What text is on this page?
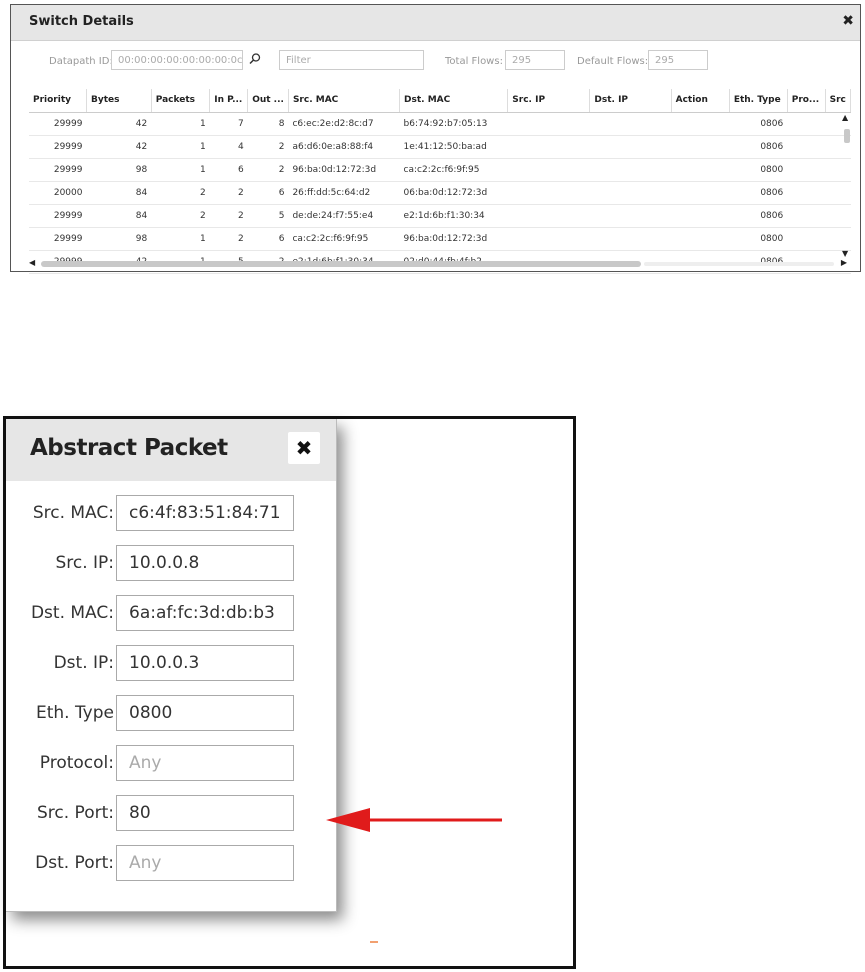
Switch Details	✖
Datapath ID: 00:00:00:00:00:00:00:0c	Filter	Total Flows: 295	Default Flows: 295
Priority	Bytes	Packets	In P...	Out ...	Src. MAC	Dst. MAC	Src. IP	Dst. IP	Action	Eth. Type	Pro...	Src
29999	42	1	7	8	c6:ec:2e:d2:8c:d7	b6:74:92:b7:05:13				0806		
29999	42	1	4	2	a6:d6:0e:a8:88:f4	1e:41:12:50:ba:ad				0806		
29999	98	1	6	2	96:ba:0d:12:72:3d	ca:c2:2c:f6:9f:95				0800		
20000	84	2	2	6	26:ff:dd:5c:64:d2	06:ba:0d:12:72:3d				0806		
29999	84	2	2	5	de:de:24:f7:55:e4	e2:1d:6b:f1:30:34				0806		
29999	98	1	2	6	ca:c2:2c:f6:9f:95	96:ba:0d:12:72:3d				0800		

▲
▼
◀	▶
Abstract Packet	✖
Src. MAC:
c6:4f:83:51:84:71
Src. IP:
10.0.0.8
Dst. MAC:
6a:af:fc:3d:db:b3
Dst. IP:
10.0.0.3
Eth. Type
0800
Protocol:
Any
Src. Port:
80
Dst. Port:
Any
